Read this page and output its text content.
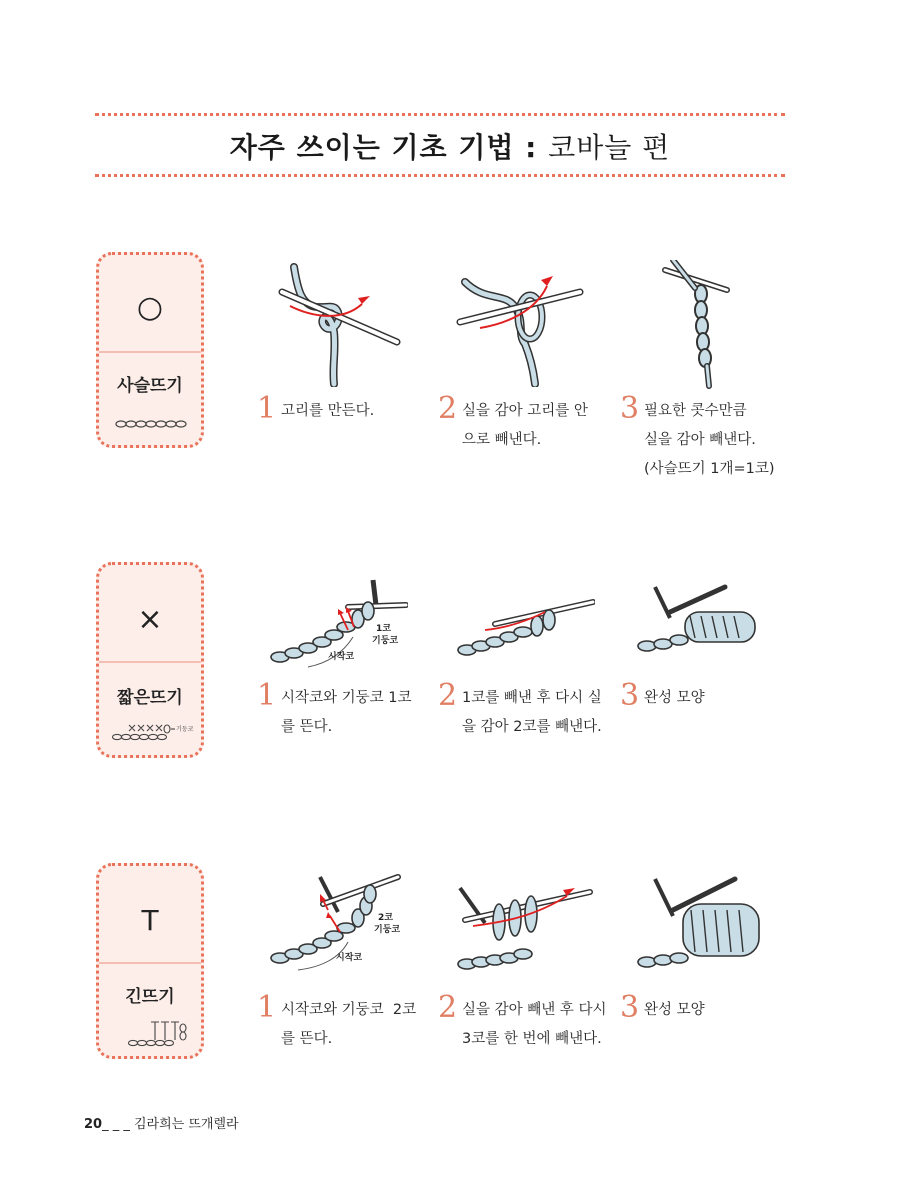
자주 쓰이는 기초 기법 : 코바늘 편
○
사슬뜨기
1 고리를 만든다. 2 실을 감아 고리를 안
으로 빼낸다.
3 필요한 콧수만큼
실을 감아 빼낸다.
(사슬뜨기 1개=1코)
×
짧은뜨기
기둥코
시작코
1코
기둥코
1 시작코와 기둥코 1코
를 뜬다.
2 1코를 빼낸 후 다시 실
을 감아 2코를 빼낸다.
3 완성 모양
T
긴뜨기
시작코
2코
기둥코
1 시작코와 기둥코  2코
를 뜬다.
2 실을 감아 빼낸 후 다시
3코를 한 번에 빼낸다.
3 완성 모양
20_ _ _ 김라희는 뜨개렐라
